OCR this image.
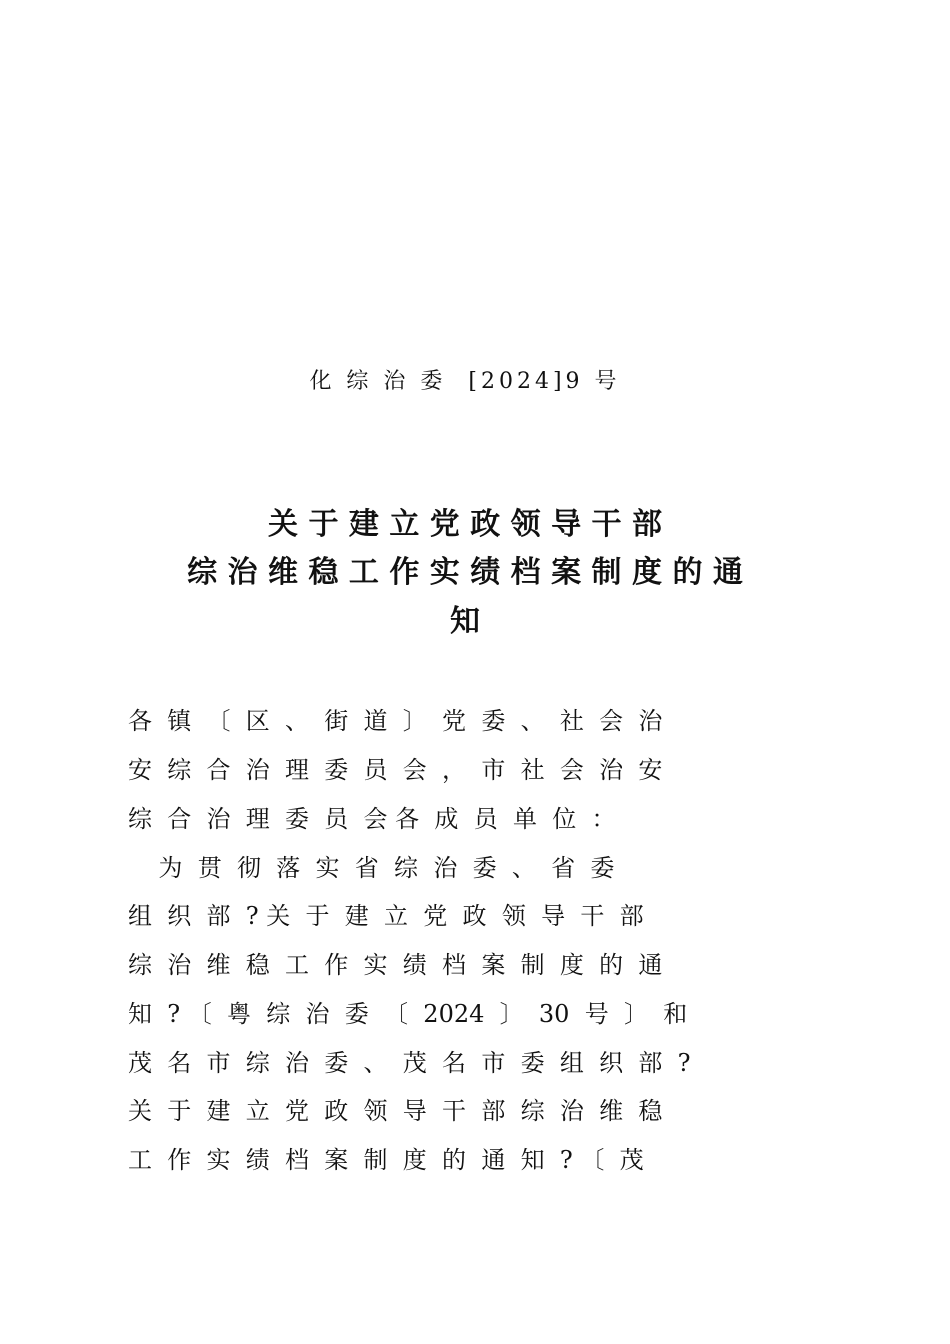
化 综 治 委  [2024]9 号
关 于 建 立 党 政 领 导 干 部
综 治 维 稳 工 作 实 绩 档 案 制 度 的 通
知
各  镇  〔  区  、  街  道  〕  党  委  、  社  会  治
安  综  合  治  理  委  员  会  ，  市  社  会  治  安
综  合  治  理  委  员  会 各  成  员  单  位  ：
为  贯  彻  落  实  省  综  治  委  、  省  委
组  织  部  ? 关  于  建  立  党  政  领  导  干  部
综  治  维  稳  工  作  实  绩  档  案  制  度  的  通
知  ? 〔  粤  综  治  委  〔  2024  〕  30  号  〕  和
茂  名  市  综  治  委  、  茂  名  市  委  组  织  部  ?
关  于  建  立  党  政  领  导  干  部  综  治  维  稳
工  作  实  绩  档  案  制  度  的  通  知  ? 〔  茂
